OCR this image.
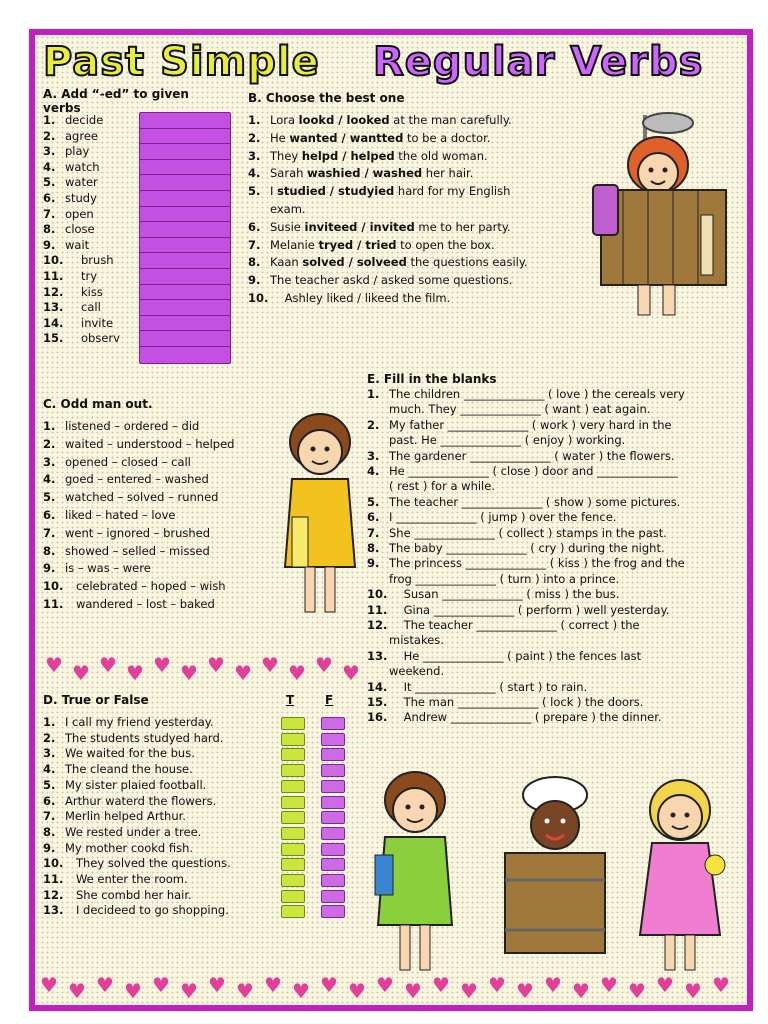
Past Simple Regular Verbs
A. Add “-ed” to given verbs
1. decide
2. agree
3. play
4. watch
5. water
6. study
7. open
8. close
9. wait
10. brush
11. try
12. kiss
13. call
14. invite
15. observ
B. Choose the best one
1. Lora lookd / looked at the man carefully.
2. He wanted / wantted to be a doctor.
3. They helpd / helped the old woman.
4. Sarah washied / washed her hair.
5. I studied / studyied hard for my English
exam.
6. Susie inviteed / invited me to her party.
7. Melanie tryed / tried to open the box.
8. Kaan solved / solveed the questions easily.
9. The teacher askd / asked some questions.
10.    Ashley liked / likeed the film.
C. Odd man out.
1. listened – ordered – did
2. waited – understood – helped
3. opened – closed – call
4. goed – entered – washed
5. watched – solved – runned
6. liked – hated – love
7. went – ignored – brushed
8. showed – selled – missed
9. is – was – were
10.   celebrated – hoped – wish
11.   wandered – lost – baked
E. Fill in the blanks
1. The children ______________ ( love ) the cereals very
much. They ______________ ( want ) eat again.
2. My father ______________ ( work ) very hard in the
past. He ______________ ( enjoy ) working.
3. The gardener ______________ ( water ) the flowers.
4. He ______________ ( close ) door and ______________
( rest ) for a while.
5. The teacher ______________ ( show ) some pictures.
6. I ______________ ( jump ) over the fence.
7. She ______________ ( collect ) stamps in the past.
8. The baby ______________ ( cry ) during the night.
9. The princess ______________ ( kiss ) the frog and the
frog ______________ ( turn ) into a prince.
10.    Susan ______________ ( miss ) the bus.
11.    Gina ______________ ( perform ) well yesterday.
12.    The teacher ______________ ( correct ) the
mistakes.
13.    He ______________ ( paint ) the fences last
weekend.
14.    It ______________ ( start ) to rain.
15.    The man ______________ ( lock ) the doors.
16.    Andrew ______________ ( prepare ) the dinner.
♥ ♥ ♥ ♥ ♥ ♥ ♥ ♥ ♥ ♥ ♥ ♥
D. True or False	T	F
1. I call my friend yesterday.
2. The students studyed hard.
3. We waited for the bus.
4. The cleand the house.
5. My sister plaied football.
6. Arthur waterd the flowers.
7. Merlin helped Arthur.
8. We rested under a tree.
9. My mother cookd fish.
10.   They solved the questions.
11.   We enter the room.
12.   She combd her hair.
13.   I decideed to go shopping.
♥ ♥ ♥ ♥ ♥ ♥ ♥ ♥ ♥ ♥ ♥ ♥ ♥ ♥ ♥ ♥ ♥ ♥ ♥ ♥ ♥ ♥ ♥ ♥ ♥
